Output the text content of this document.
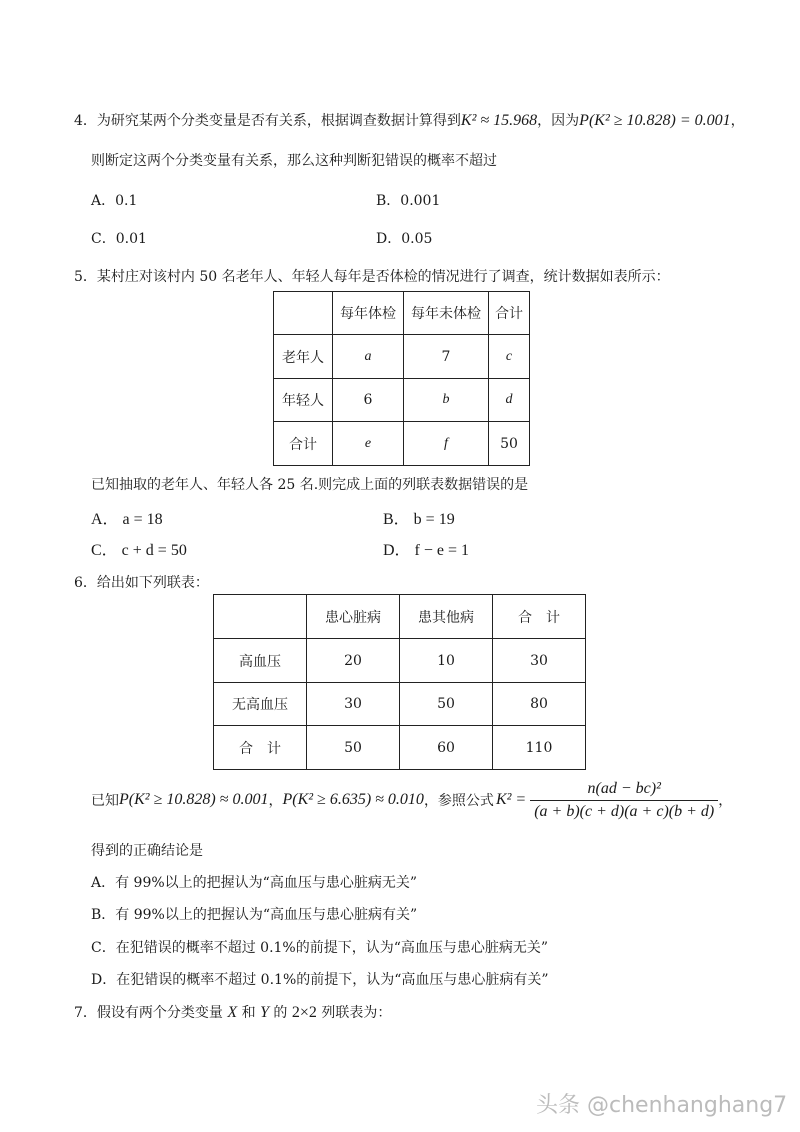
4．为研究某两个分类变量是否有关系，根据调查数据计算得到K² ≈ 15.968，因为P(K² ≥ 10.828) = 0.001，
则断定这两个分类变量有关系，那么这种判断犯错误的概率不超过
A．0.1	B．0.001
C．0.01	D．0.05
5．某村庄对该村内 50 名老年人、年轻人每年是否体检的情况进行了调查，统计数据如表所示：
	每年体检	每年未体检	合计
老年人	a	7	c
年轻人	6	b	d
合计	e	f	50
已知抽取的老年人、年轻人各 25 名.则完成上面的列联表数据错误的是
A． a = 18	B． b = 19
C． c + d = 50	D． f − e = 1
6．给出如下列联表：
	患心脏病	患其他病	合　计
高血压	20	10	30
无高血压	30	50	80
合　计	50	60	110
已知 P(K² ≥ 10.828) ≈ 0.001 ， P(K² ≥ 6.635) ≈ 0.010 ，参照公式 $K^2 = \frac{\text{n(ad − bc)²}}{(a + b)(c + d)(a + c)(b + d)}$ ，
得到的正确结论是
A．有 99%以上的把握认为“高血压与患心脏病无关”
B．有 99%以上的把握认为“高血压与患心脏病有关”
C．在犯错误的概率不超过 0.1%的前提下，认为“高血压与患心脏病无关”
D．在犯错误的概率不超过 0.1%的前提下，认为“高血压与患心脏病有关”
7．假设有两个分类变量 X 和 Y 的 2×2 列联表为：
头条 @chenhanghang7
